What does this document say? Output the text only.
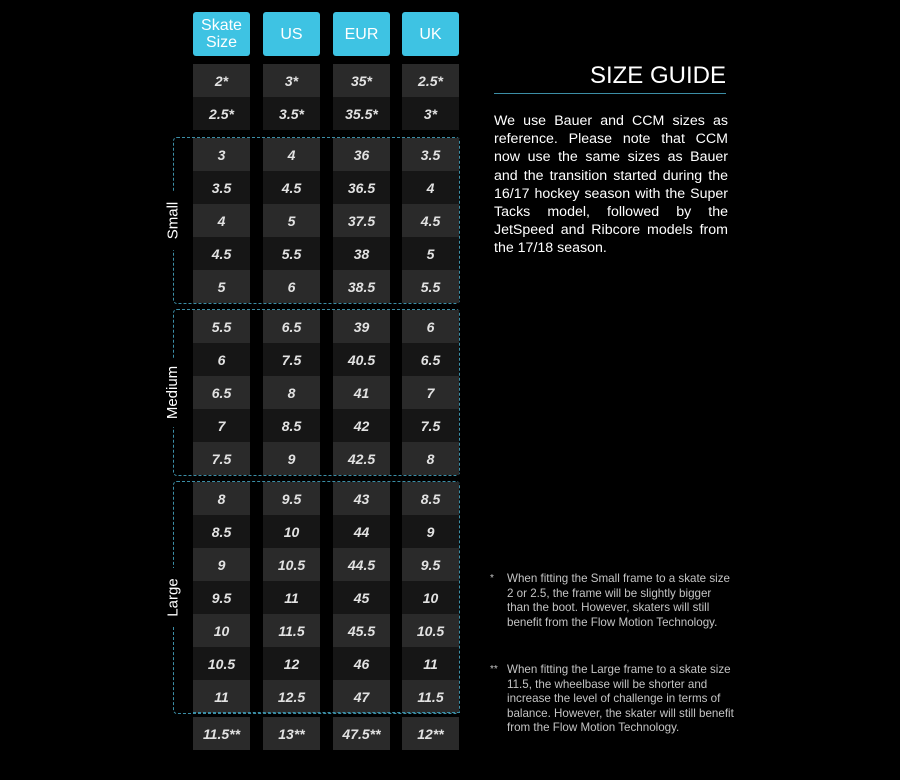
Skate Size	US	EUR	UK
2*	3*	35*	2.5*
2.5*	3.5*	35.5*	3*
3	4	36	3.5
3.5	4.5	36.5	4
4	5	37.5	4.5
4.5	5.5	38	5
5	6	38.5	5.5
Small
5.5	6.5	39	6
6	7.5	40.5	6.5
6.5	8	41	7
7	8.5	42	7.5
7.5	9	42.5	8
Medium
8	9.5	43	8.5
8.5	10	44	9
9	10.5	44.5	9.5
9.5	11	45	10
10	11.5	45.5	10.5
10.5	12	46	11
11	12.5	47	11.5
Large
11.5**	13**	47.5**	12**
SIZE GUIDE
We use Bauer and CCM sizes as reference. Please note that CCM now use the same sizes as Bauer and the transition started during the 16/17 hockey season with the Super Tacks model, followed by the JetSpeed and Ribcore models from the 17/18 season.
* When fitting the Small frame to a skate size 2 or 2.5, the frame will be slightly bigger than the boot. However, skaters will still benefit from the Flow Motion Technology.
** When fitting the Large frame to a skate size 11.5, the wheelbase will be shorter and increase the level of challenge in terms of balance. However, the skater will still benefit from the Flow Motion Technology.
